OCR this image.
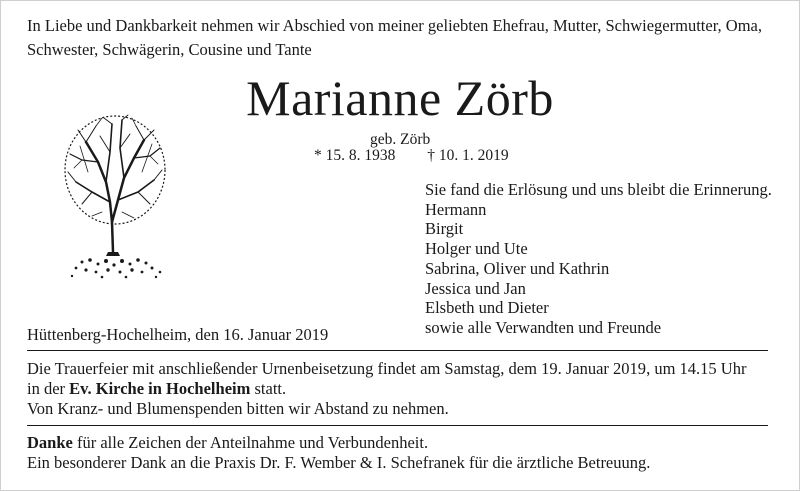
In Liebe und Dankbarkeit nehmen wir Abschied von meiner geliebten Ehefrau, Mutter, Schwiegermutter, Oma, Schwester, Schwägerin, Cousine und Tante

Marianne Zörb
geb. Zörb
* 15. 8. 1938 † 10. 1. 2019
Sie fand die Erlösung und uns bleibt die Erinnerung.
Hermann
Birgit
Holger und Ute
Sabrina, Oliver und Kathrin
Jessica und Jan
Elsbeth und Dieter
sowie alle Verwandten und Freunde
Hüttenberg-Hochelheim, den 16. Januar 2019

Die Trauerfeier mit anschließender Urnenbeisetzung findet am Samstag, dem 19. Januar 2019, um 14.15 Uhr

in der Ev. Kirche in Hochelheim statt.

Von Kranz- und Blumenspenden bitten wir Abstand zu nehmen.

Danke für alle Zeichen der Anteilnahme und Verbundenheit.

Ein besonderer Dank an die Praxis Dr. F. Wember & I. Schefranek für die ärztliche Betreuung.
